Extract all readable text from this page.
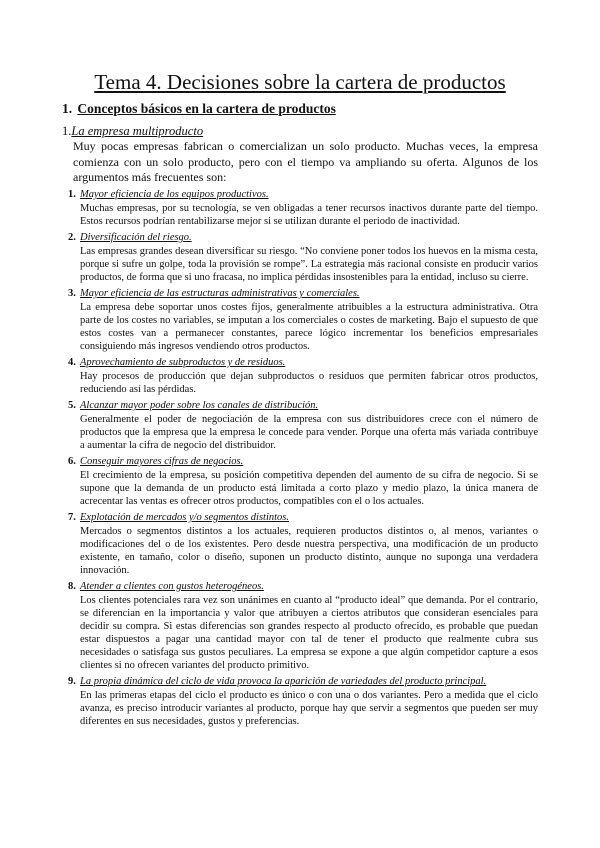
Tema 4. Decisiones sobre la cartera de productos
1. Conceptos básicos en la cartera de productos
1.La empresa multiproducto

Muy pocas empresas fabrican o comercializan un solo producto. Muchas veces, la empresa comienza con un solo producto, pero con el tiempo va ampliando su oferta. Algunos de los argumentos más frecuentes son:

1. Mayor eficiencia de los equipos productivos.
Muchas empresas, por su tecnología, se ven obligadas a tener recursos inactivos durante parte del tiempo. Estos recursos podrían rentabilizarse mejor si se utilizan durante el periodo de inactividad.
2. Diversificación del riesgo.
Las empresas grandes desean diversificar su riesgo. “No conviene poner todos los huevos en la misma cesta, porque si sufre un golpe, toda la provisión se rompe”. La estrategia más racional consiste en producir varios productos, de forma que si uno fracasa, no implica pérdidas insostenibles para la entidad, incluso su cierre.
3. Mayor eficiencia de las estructuras administrativas y comerciales.
La empresa debe soportar unos costes fijos, generalmente atribuibles a la estructura administrativa. Otra parte de los costes no variables, se imputan a los comerciales o costes de marketing. Bajo el supuesto de que estos costes van a permanecer constantes, parece lógico incrementar los beneficios empresariales consiguiendo más ingresos vendiendo otros productos.
4. Aprovechamiento de subproductos y de residuos.
Hay procesos de producción que dejan subproductos o residuos que permiten fabricar otros productos, reduciendo así las pérdidas.
5. Alcanzar mayor poder sobre los canales de distribución.
Generalmente el poder de negociación de la empresa con sus distribuidores crece con el número de productos que la empresa que la empresa le concede para vender. Porque una oferta más variada contribuye a aumentar la cifra de negocio del distribuidor.
6. Conseguir mayores cifras de negocios.
El crecimiento de la empresa, su posición competitiva dependen del aumento de su cifra de negocio. Si se supone que la demanda de un producto está limitada a corto plazo y medio plazo, la única manera de acrecentar las ventas es ofrecer otros productos, compatibles con el o los actuales.
7. Explotación de mercados y/o segmentos distintos.
Mercados o segmentos distintos a los actuales, requieren productos distintos o, al menos, variantes o modificaciones del o de los existentes. Pero desde nuestra perspectiva, una modificación de un producto existente, en tamaño, color o diseño, suponen un producto distinto, aunque no suponga una verdadera innovación.
8. Atender a clientes con gustos heterogéneos.
Los clientes potenciales rara vez son unánimes en cuanto al “producto ideal” que demanda. Por el contrario, se diferencian en la importancia y valor que atribuyen a ciertos atributos que consideran esenciales para decidir su compra. Si estas diferencias son grandes respecto al producto ofrecido, es probable que puedan estar dispuestos a pagar una cantidad mayor con tal de tener el producto que realmente cubra sus necesidades o satisfaga sus gustos peculiares. La empresa se expone a que algún competidor capture a esos clientes si no ofrecen variantes del producto primitivo.
9. La propia dinámica del ciclo de vida provoca la aparición de variedades del producto principal.
En las primeras etapas del ciclo el producto es único o con una o dos variantes. Pero a medida que el ciclo avanza, es preciso introducir variantes al producto, porque hay que servir a segmentos que pueden ser muy diferentes en sus necesidades, gustos y preferencias.
